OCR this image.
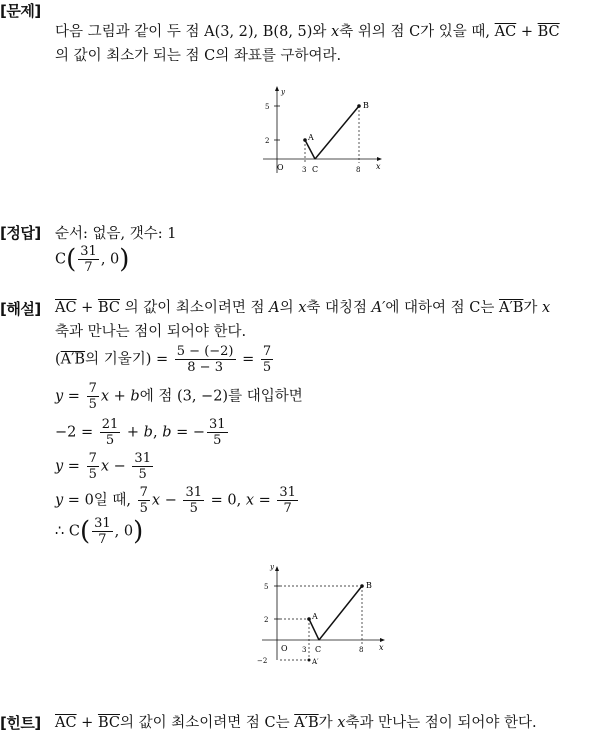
[문제]
다음 그림과 같이 두 점 A(3, 2), B(8, 5)와 x축 위의 점 C가 있을 때, $\overline{AC} + \overline{BC}$
의 값이 최소가 되는 점 C의 좌표를 구하여라.
y
x
5
2
O	3 C	8
A
B
[정답] 순서: 없음, 갯수: 1
$C( \frac{31}{7}$ , 0)
[해설] $\overline{AC} + \overline{BC}$ 의 값이 최소이려면 점 A의 x축 대칭점 A′에 대하여 점 C는 A′B가 x
축과 만나는 점이 되어야 한다.
(A′B의 기울기) = $\frac{5 - (-2)}{8 - 3} = \frac{7}{5}$
$y = \frac{7}{5}$ x + b에 점 (3, −2)를 대입하면
$-2 = \frac{21}{5} + b$, b = − $\frac{31}{5}$
$y = \frac{7}{5}$ $x - \frac{31}{5}$
y = 0일 때, $\frac{7}{5}$ $x - \frac{31}{5} = 0$, $x = \frac{31}{7}$
∴ $C( \frac{31}{7}$ , 0)
y
x
5
2
−2
O 3 C	8
A
B
A′
[힌트] $\overline{AC} + \overline{BC}$의 값이 최소이려면 점 C는 A′B가 x축과 만나는 점이 되어야 한다.
